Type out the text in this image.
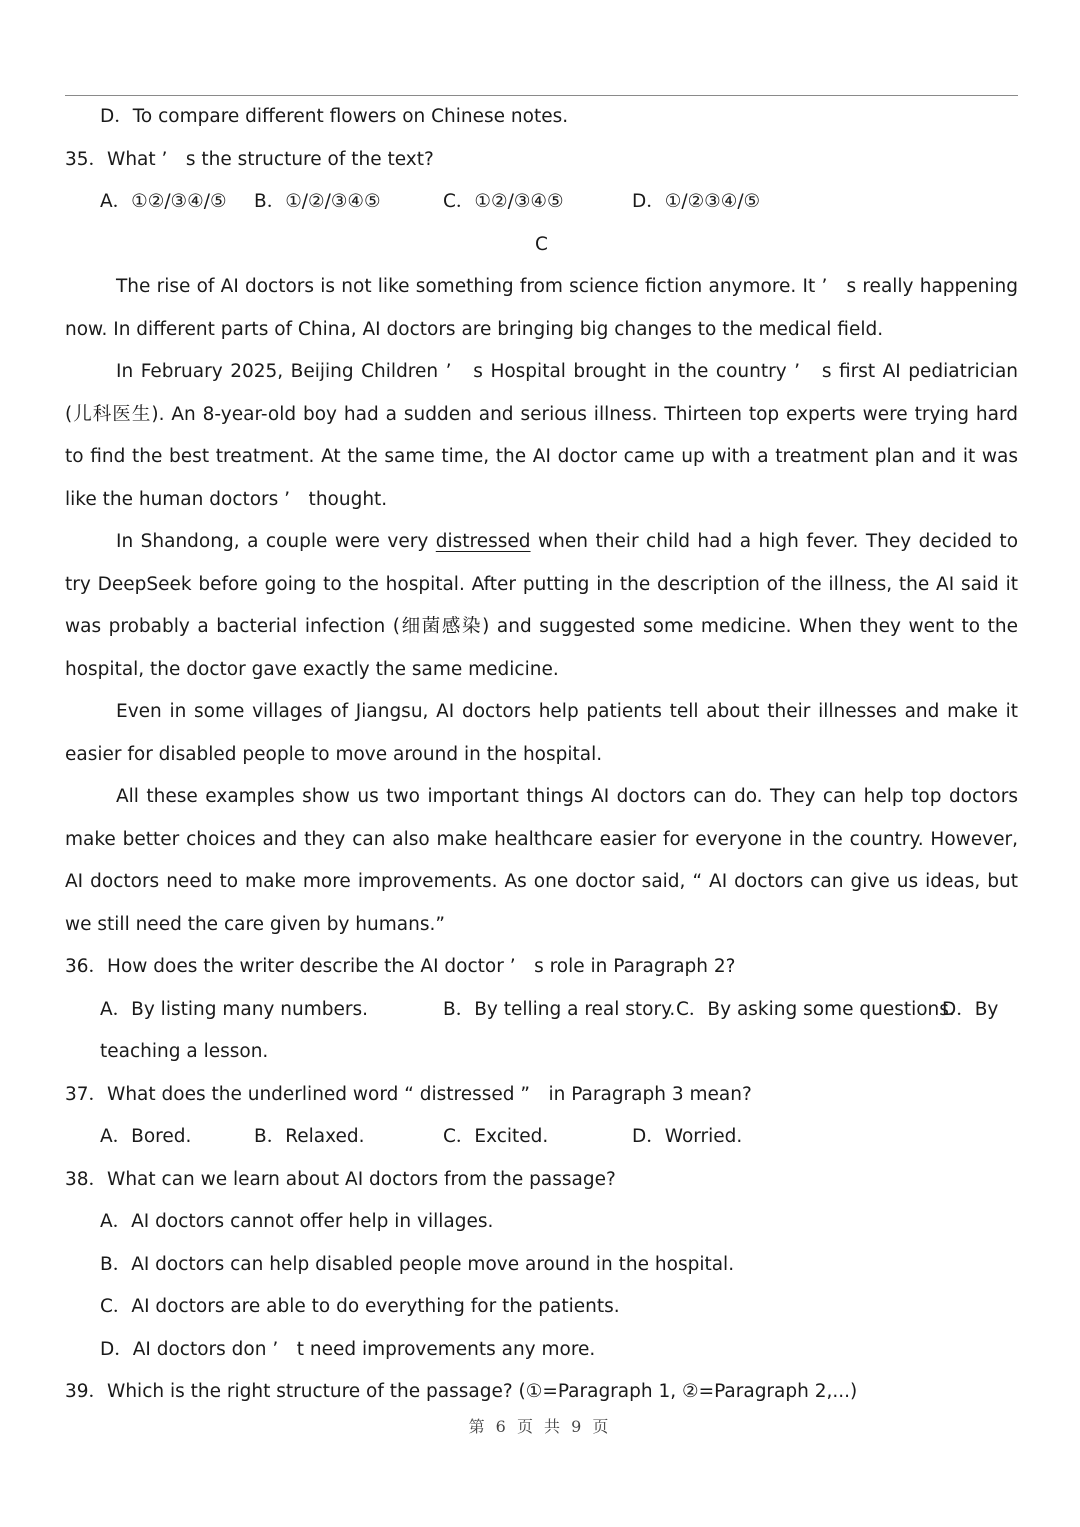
D．To compare different flowers on Chinese notes.
35．What ’　s the structure of the text?
A．①②/③④/⑤ B．①/②/③④⑤	C．①②/③④⑤	D．①/②③④/⑤
C
The rise of AI doctors is not like something from science fiction anymore. It ’　s really happening now. In different parts of China, AI doctors are bringing big changes to the medical field.
In February 2025, Beijing Children ’　s Hospital brought in the country ’　s first AI pediatrician (儿科医生). An 8-year-old boy had a sudden and serious illness. Thirteen top experts were trying hard to find the best treatment. At the same time, the AI doctor came up with a treatment plan and it was like the human doctors ’　thought.
In Shandong, a couple were very distressed when their child had a high fever. They decided to try DeepSeek before going to the hospital. After putting in the description of the illness, the AI said it was probably a bacterial infection (细菌感染) and suggested some medicine. When they went to the hospital, the doctor gave exactly the same medicine.
Even in some villages of Jiangsu, AI doctors help patients tell about their illnesses and make it easier for disabled people to move around in the hospital.
All these examples show us two important things AI doctors can do. They can help top doctors make better choices and they can also make healthcare easier for everyone in the country. However, AI doctors need to make more improvements. As one doctor said, “ AI doctors can give us ideas, but we still need the care given by humans.”
36．How does the writer describe the AI doctor ’　s role in Paragraph 2?
A．By listing many numbers.	B．By telling a real story. C．By asking some questions.
D．By
teaching a lesson.
37．What does the underlined word “ distressed ”　in Paragraph 3 mean?
A．Bored.	B．Relaxed.	C．Excited.	D．Worried.
38．What can we learn about AI doctors from the passage?
A．AI doctors cannot offer help in villages.
B．AI doctors can help disabled people move around in the hospital.
C．AI doctors are able to do everything for the patients.
D．AI doctors don ’　t need improvements any more.
39．Which is the right structure of the passage? (①=Paragraph 1, ②=Paragraph 2,...)
第 6 页 共 9 页
